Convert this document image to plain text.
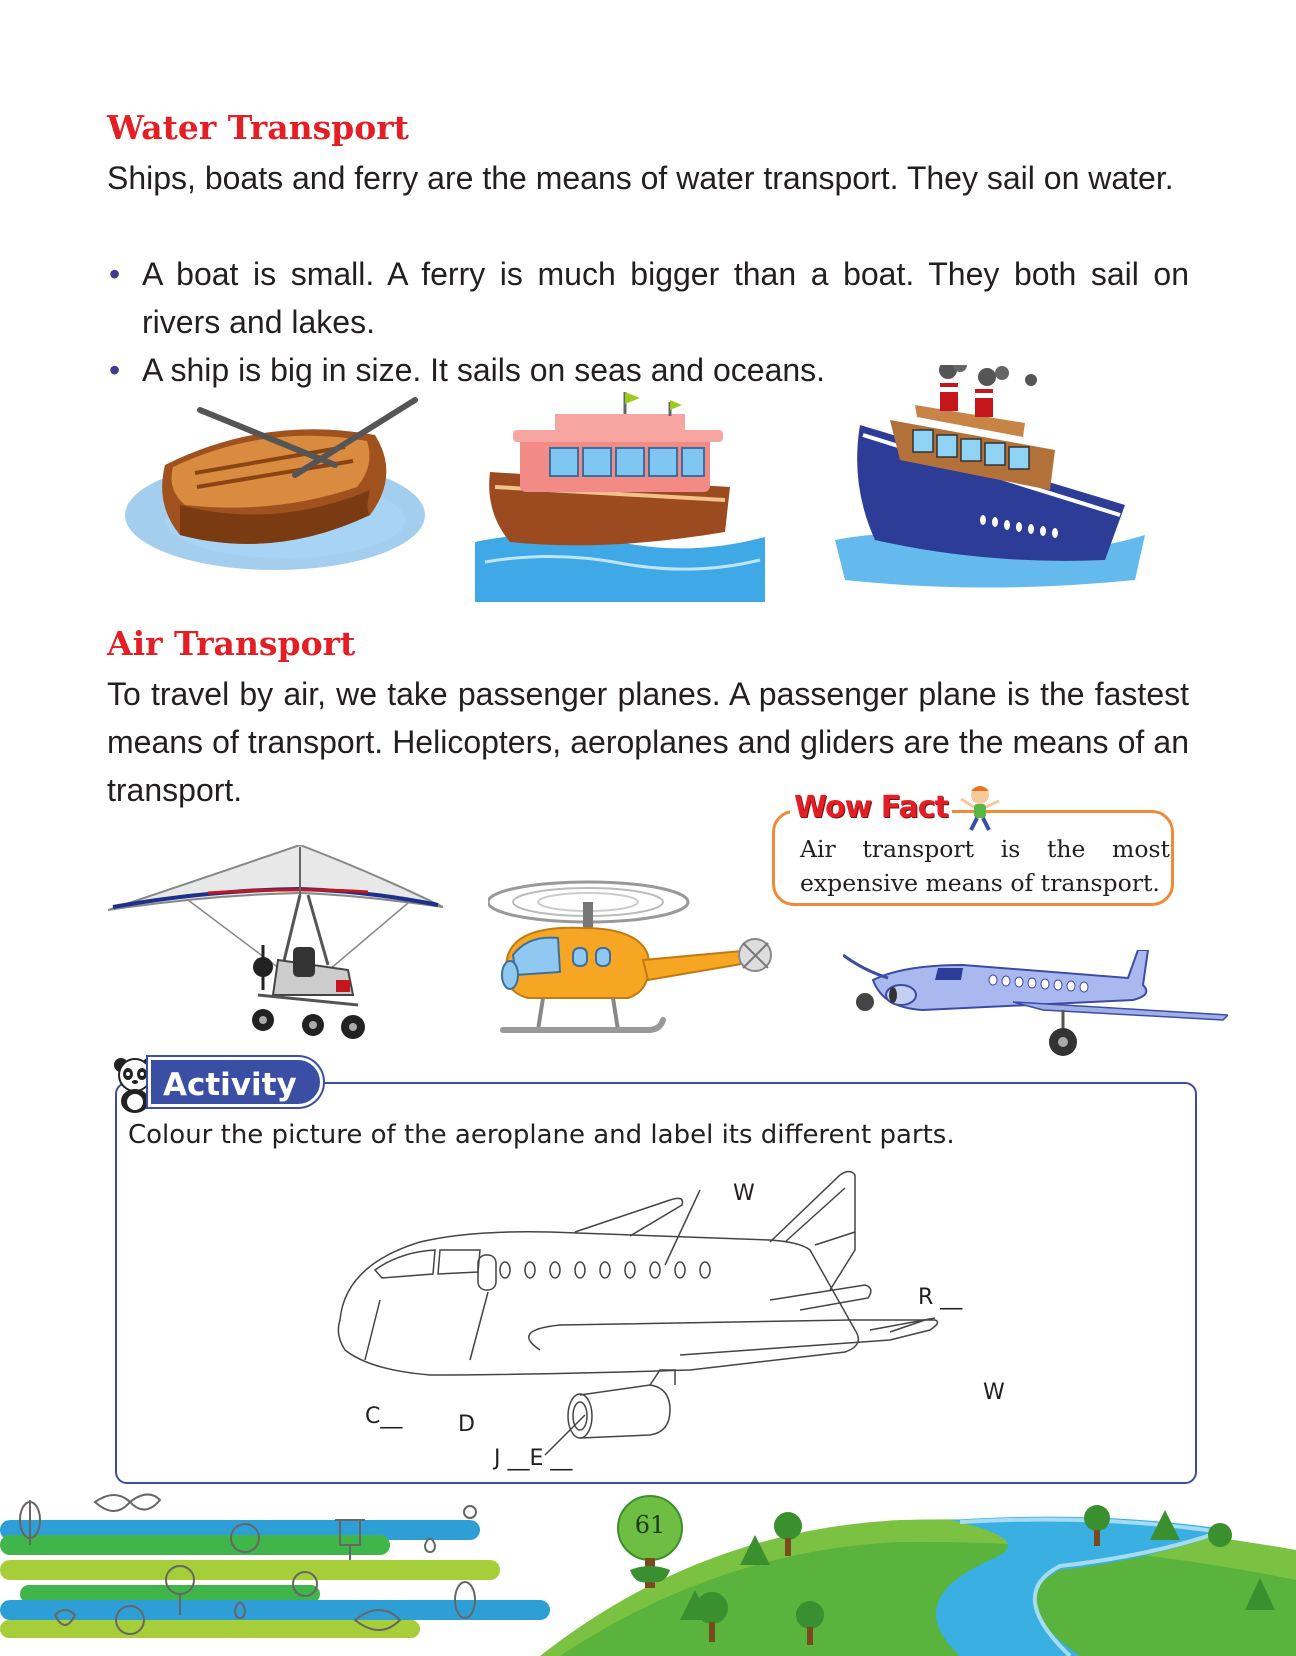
Water Transport

Ships, boats and ferry are the means of water transport. They sail on water.

• A boat is small. A ferry is much bigger than a boat. They both sail on rivers and lakes.
• A ship is big in size. It sails on seas and oceans.
Air Transport

To travel by air, we take passenger planes. A passenger plane is the fastest means of transport. Helicopters, aeroplanes and gliders are the means of an transport.	Wow Fact

Air transport is the most expensive means of transport.

Activity

Colour the picture of the aeroplane and label its different parts.

W
R __
W
C__	D
J __E __
61
